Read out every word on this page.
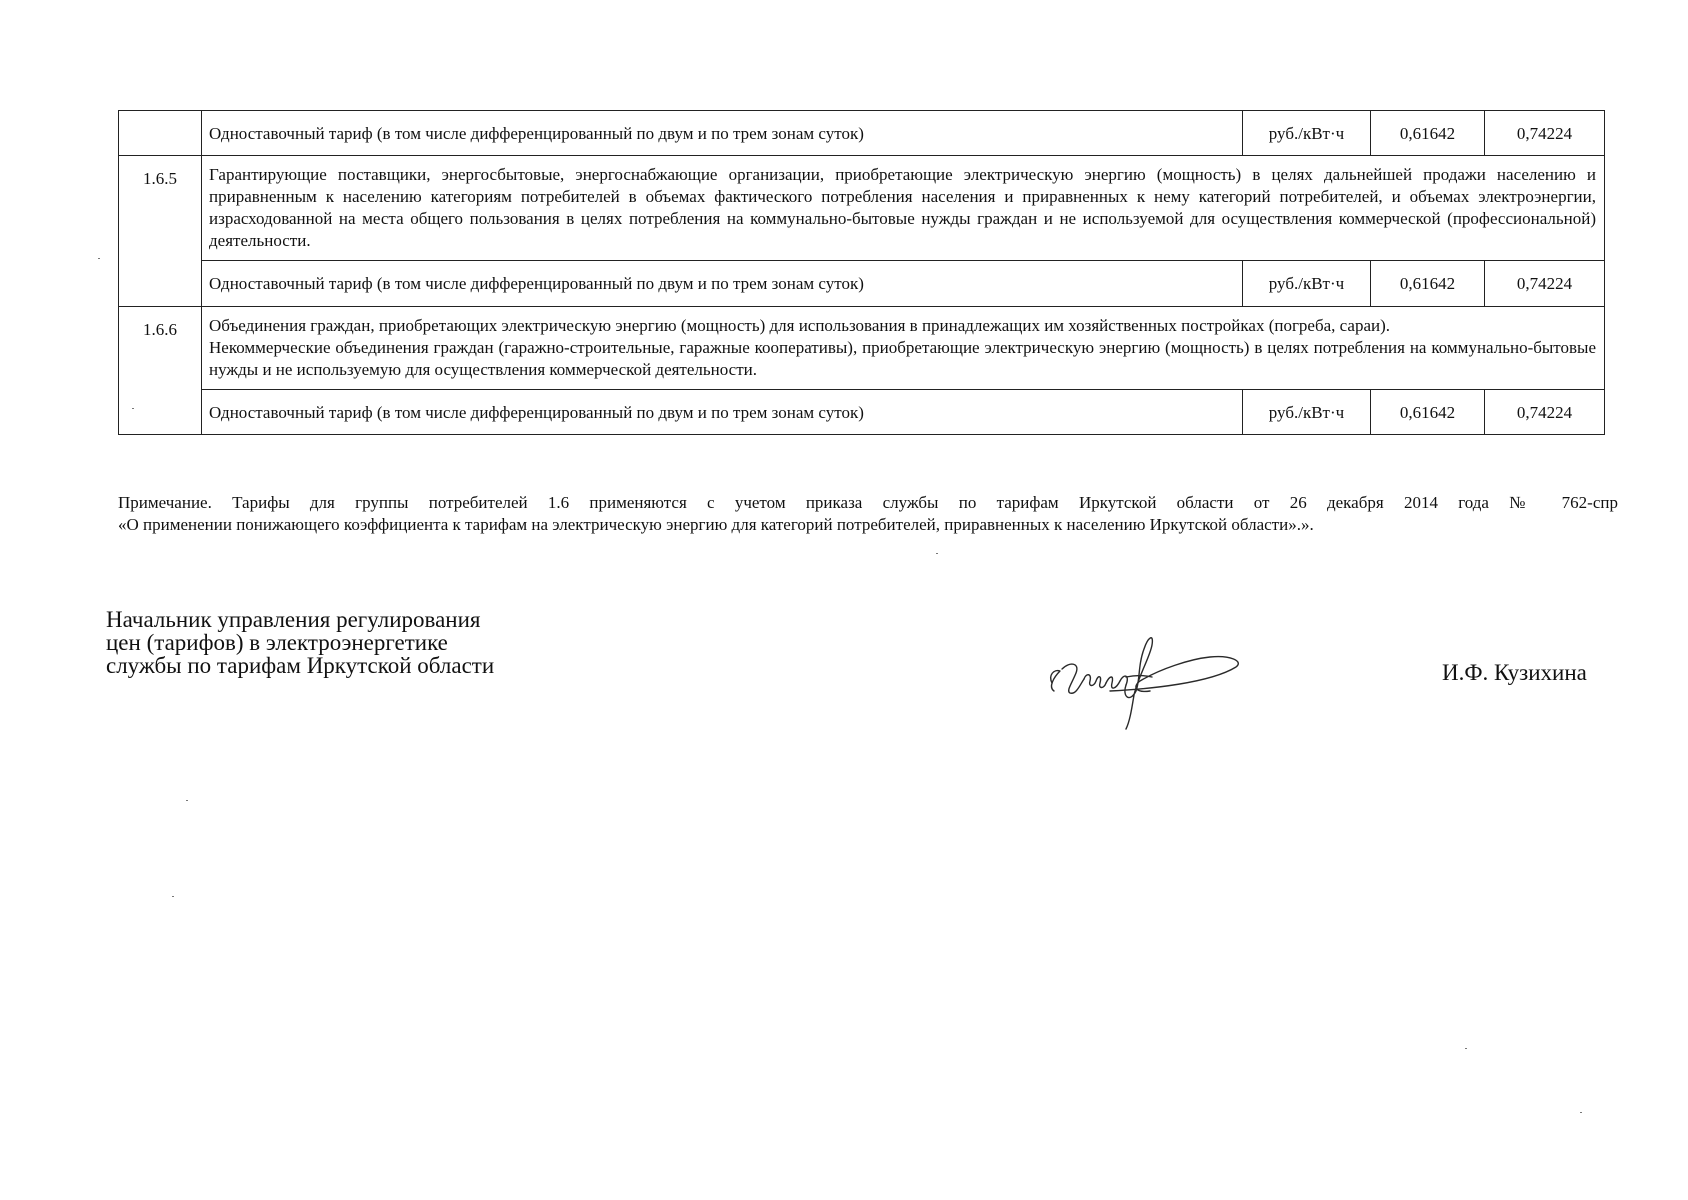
	Одноставочный тариф (в том числе дифференцированный по двум и по трем зонам суток)	руб./кВт·ч	0,61642	0,74224
1.6.5	Гарантирующие поставщики, энергосбытовые, энергоснабжающие организации, приобретающие электрическую энергию (мощность) в целях дальнейшей продажи населению и приравненным к населению категориям потребителей в объемах фактического потребления населения и приравненных к нему категорий потребителей, и объемах электроэнергии, израсходованной на места общего пользования в целях потребления на коммунально-бытовые нужды граждан и не используемой для осуществления коммерческой (профессиональной) деятельности.			
	Одноставочный тариф (в том числе дифференцированный по двум и по трем зонам суток)	руб./кВт·ч	0,61642	0,74224
1.6.6	Объединения граждан, приобретающих электрическую энергию (мощность) для использования в принадлежащих им хозяйственных постройках (погреба, сараи).

Некоммерческие объединения граждан (гаражно-строительные, гаражные кооперативы), приобретающие электрическую энергию (мощность) в целях потребления на коммунально-бытовые нужды и не используемую для осуществления коммерческой деятельности.			

	Одноставочный тариф (в том числе дифференцированный по двум и по трем зонам суток)	руб./кВт·ч	0,61642	0,74224
Примечание. Тарифы для группы потребителей 1.6 применяются с учетом приказа службы по тарифам Иркутской области от 26 декабря 2014 года № 762-спр
«О применении понижающего коэффициента к тарифам на электрическую энергию для категорий потребителей, приравненных к населению Иркутской области».».
Начальник управления регулирования
цен (тарифов) в электроэнергетике
службы по тарифам Иркутской области	И.Ф. Кузихина
